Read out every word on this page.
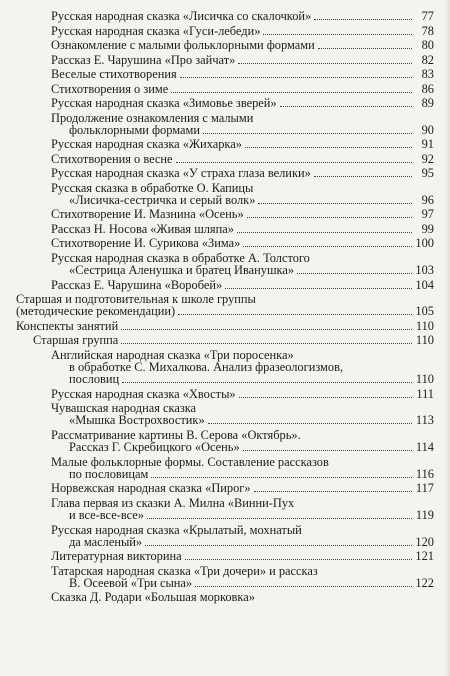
Русская народная сказка «Лисичка со скалочкой»	77
Русская народная сказка «Гуси-лебеди»	78
Ознакомление с малыми фольклорными формами	80
Рассказ Е. Чарушина «Про зайчат»	82
Веселые стихотворения	83
Стихотворения о зиме	86
Русская народная сказка «Зимовье зверей»	89
Продолжение ознакомления с малыми
фольклорными формами	90
Русская народная сказка «Жихарка»	91
Стихотворения о весне	92
Русская народная сказка «У страха глаза велики»	95
Русская сказка в обработке О. Капицы
«Лисичка-сестричка и серый волк»	96
Стихотворение И. Мазнина «Осень»	97
Рассказ Н. Носова «Живая шляпа»	99
Стихотворение И. Сурикова «Зима»	100
Русская народная сказка в обработке А. Толстого
«Сестрица Аленушка и братец Иванушка»	103
Рассказ Е. Чарушина «Воробей»	104
Старшая и подготовительная к школе группы
(методические рекомендации)	105
Конспекты занятий	110
Старшая группа	110
Английская народная сказка «Три поросенка»
в обработке С. Михалкова. Анализ фразеологизмов,
пословиц	110
Русская народная сказка «Хвосты»	111
Чувашская народная сказка
«Мышка Вострохвостик»	113
Рассматривание картины В. Серова «Октябрь».
Рассказ Г. Скребицкого «Осень»	114
Малые фольклорные формы. Составление рассказов
по пословицам	116
Норвежская народная сказка «Пирог»	117
Глава первая из сказки А. Милна «Винни-Пух
и все-все-все»	119
Русская народная сказка «Крылатый, мохнатый
да масленый»	120
Литературная викторина	121
Татарская народная сказка «Три дочери» и рассказ
В. Осеевой «Три сына»	122
Сказка Д. Родари «Большая морковка»
